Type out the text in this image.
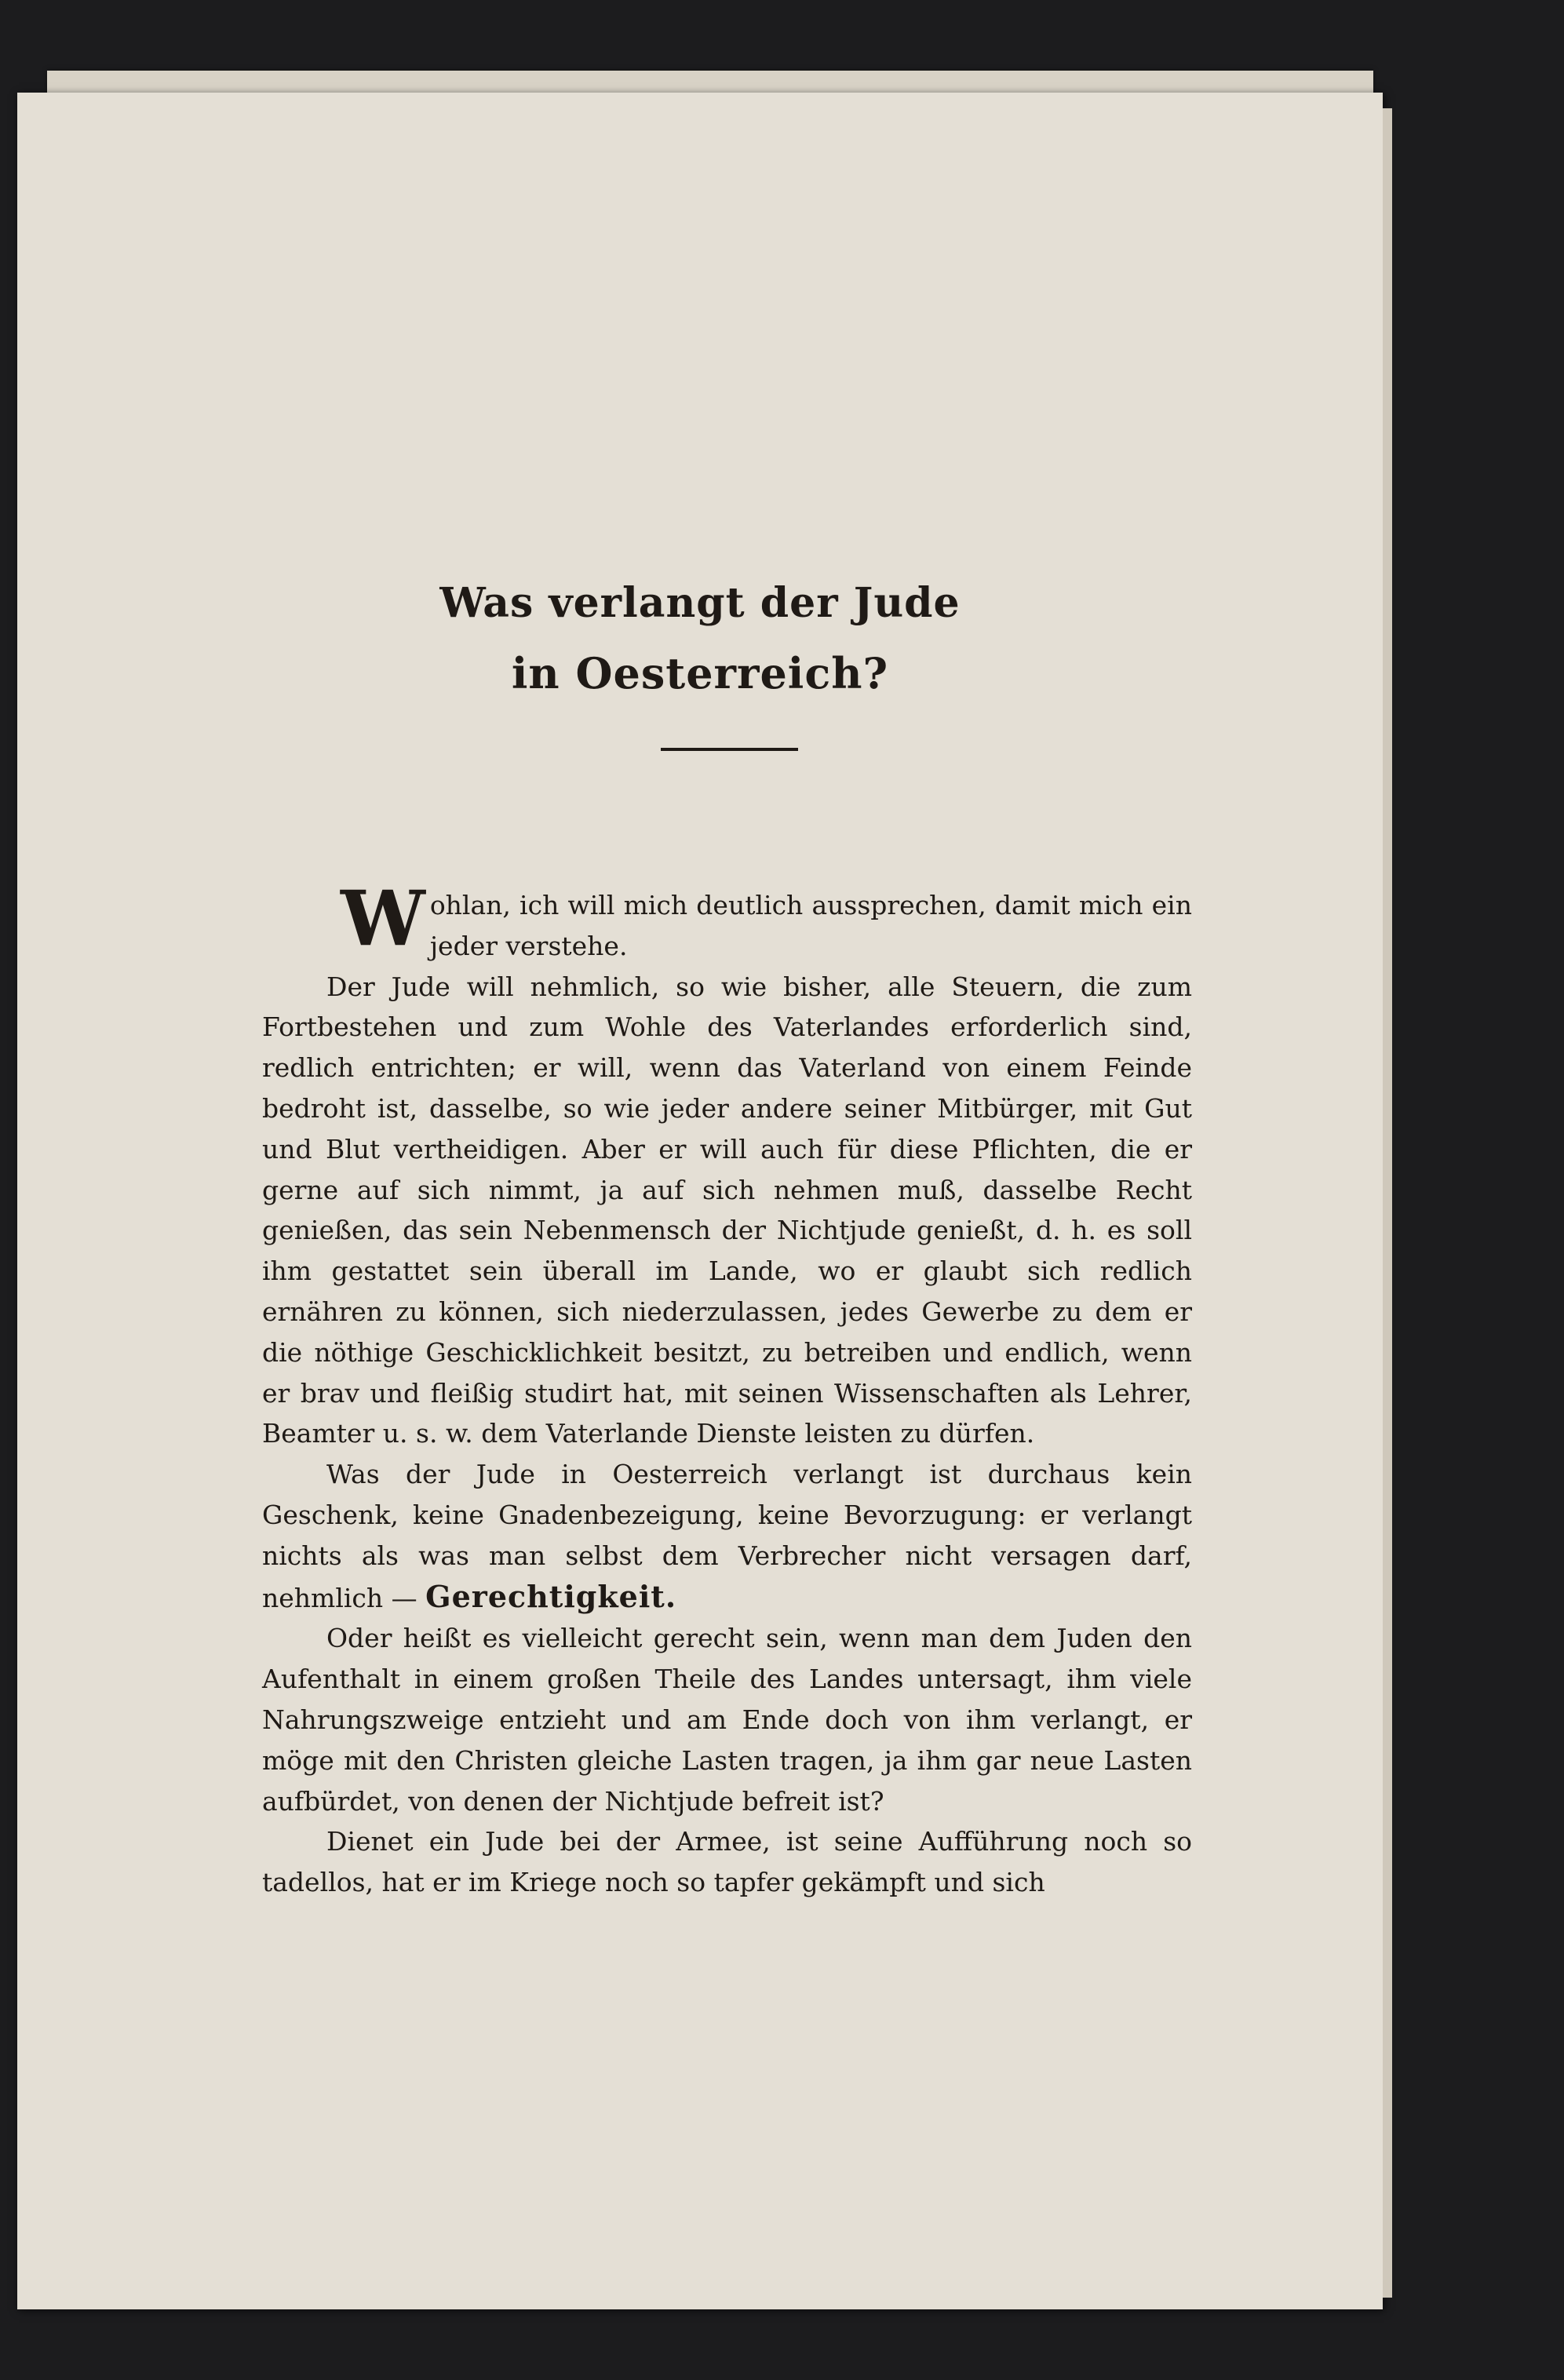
Was verlangt der Jude
in Oesterreich?

Wohlan, ich will mich deutlich aussprechen, damit mich ein jeder verstehe.

Der Jude will nehmlich, so wie bisher, alle Steuern, die zum Fortbestehen und zum Wohle des Vaterlandes erforderlich sind, redlich entrichten; er will, wenn das Vaterland von einem Feinde bedroht ist, dasselbe, so wie jeder andere seiner Mitbürger, mit Gut und Blut vertheidigen. Aber er will auch für diese Pflichten, die er gerne auf sich nimmt, ja auf sich nehmen muß, dasselbe Recht genießen, das sein Nebenmensch der Nichtjude genießt, d. h. es soll ihm gestattet sein überall im Lande, wo er glaubt sich redlich ernähren zu können, sich niederzulassen, jedes Gewerbe zu dem er die nöthige Geschicklichkeit besitzt, zu betreiben und endlich, wenn er brav und fleißig studirt hat, mit seinen Wissenschaften als Lehrer, Beamter u. s. w. dem Vaterlande Dienste leisten zu dürfen.

Was der Jude in Oesterreich verlangt ist durchaus kein Geschenk, keine Gnadenbezeigung, keine Bevorzugung: er verlangt nichts als was man selbst dem Verbrecher nicht versagen darf, nehmlich — Gerechtigkeit.

Oder heißt es vielleicht gerecht sein, wenn man dem Juden den Aufenthalt in einem großen Theile des Landes untersagt, ihm viele Nahrungszweige entzieht und am Ende doch von ihm verlangt, er möge mit den Christen gleiche Lasten tragen, ja ihm gar neue Lasten aufbürdet, von denen der Nichtjude befreit ist?

Dienet ein Jude bei der Armee, ist seine Aufführung noch so tadellos, hat er im Kriege noch so tapfer gekämpft und sich
